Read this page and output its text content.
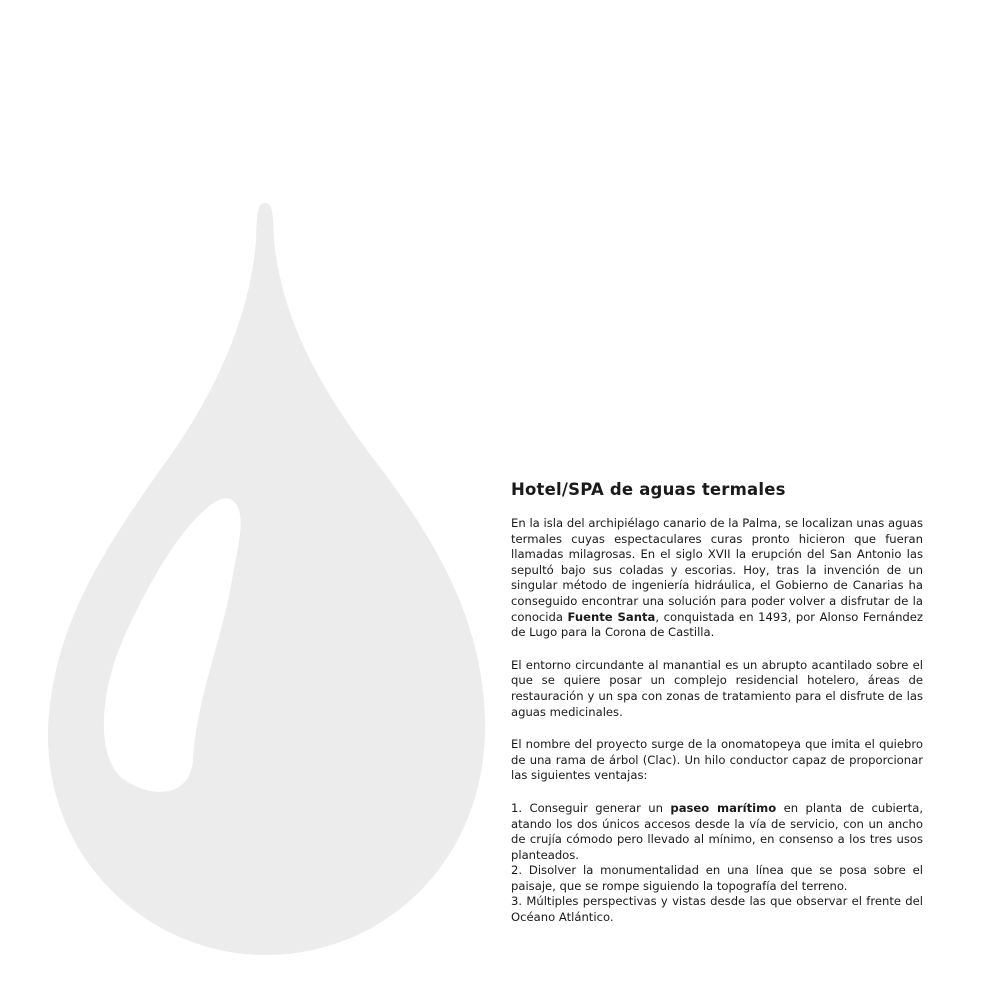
Hotel/SPA de aguas termales

En la isla del archipiélago canario de la Palma, se localizan unas aguas termales cuyas espectaculares curas pronto hicieron que fueran llamadas milagrosas. En el siglo XVII la erupción del San Antonio las sepultó bajo sus coladas y escorias. Hoy, tras la invención de un singular método de ingeniería hidráulica, el Gobierno de Canarias ha conseguido encontrar una solución para poder volver a disfrutar de la conocida Fuente Santa, conquistada en 1493, por Alonso Fernández de Lugo para la Corona de Castilla.

El entorno circundante al manantial es un abrupto acantilado sobre el que se quiere posar un complejo residencial hotelero, áreas de restauración y un spa con zonas de tratamiento para el disfrute de las aguas medicinales.

El nombre del proyecto surge de la onomatopeya que imita el quiebro de una rama de árbol (Clac). Un hilo conductor capaz de proporcionar las siguientes ventajas:

1. Conseguir generar un paseo marítimo en planta de cubierta, atando los dos únicos accesos desde la vía de servicio, con un ancho de crujía cómodo pero llevado al mínimo, en consenso a los tres usos planteados.

2. Disolver la monumentalidad en una línea que se posa sobre el paisaje, que se rompe siguiendo la topografía del terreno.

3. Múltiples perspectivas y vistas desde las que observar el frente del Océano Atlántico.
